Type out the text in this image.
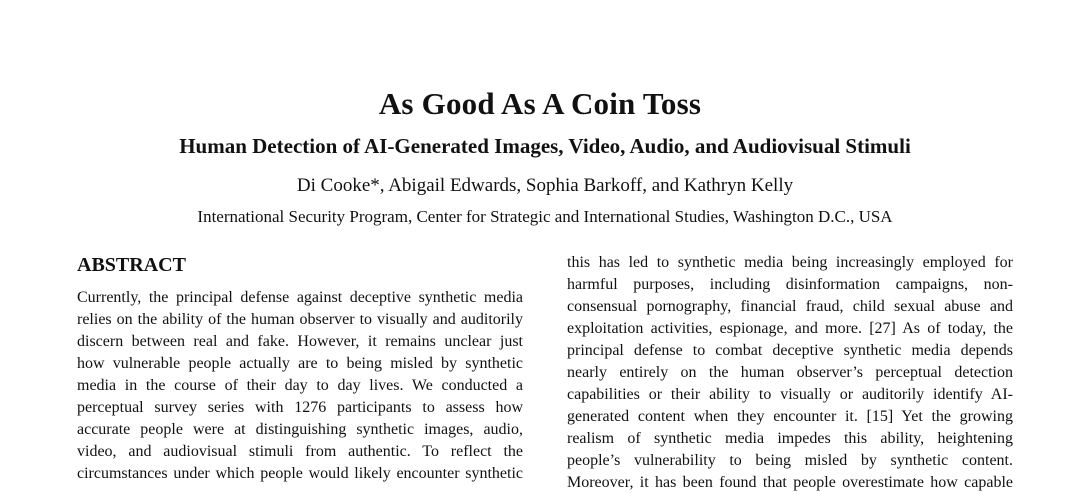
As Good As A Coin Toss
Human Detection of AI-Generated Images, Video, Audio, and Audiovisual Stimuli
Di Cooke*, Abigail Edwards, Sophia Barkoff, and Kathryn Kelly
International Security Program, Center for Strategic and International Studies, Washington D.C., USA
ABSTRACT
Currently, the principal defense against deceptive synthetic media
relies on the ability of the human observer to visually and auditorily
discern between real and fake. However, it remains unclear just
how vulnerable people actually are to being misled by synthetic
media in the course of their day to day lives. We conducted a
perceptual survey series with 1276 participants to assess how
accurate people were at distinguishing synthetic images, audio,
video, and audiovisual stimuli from authentic. To reflect the
circumstances under which people would likely encounter synthetic
this has led to synthetic media being increasingly employed for
harmful purposes, including disinformation campaigns, non-
consensual pornography, financial fraud, child sexual abuse and
exploitation activities, espionage, and more. [27] As of today, the
principal defense to combat deceptive synthetic media depends
nearly entirely on the human observer’s perceptual detection
capabilities or their ability to visually or auditorily identify AI-
generated content when they encounter it. [15] Yet the growing
realism of synthetic media impedes this ability, heightening
people’s vulnerability to being misled by synthetic content.
Moreover, it has been found that people overestimate how capable
